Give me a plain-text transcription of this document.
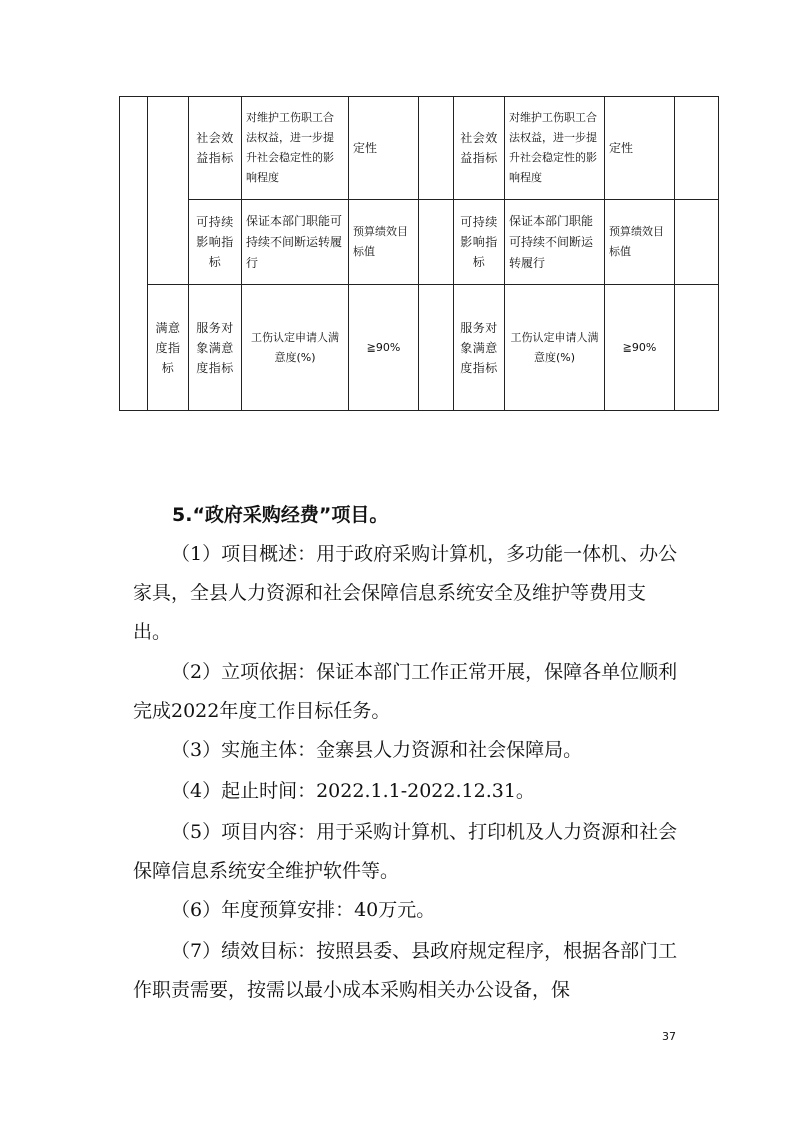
		社会效益指标	对维护工伤职工合法权益，进一步提升社会稳定性的影响程度	定性		社会效益指标	对维护工伤职工合法权益，进一步提升社会稳定性的影响程度	定性	
		可持续影响指标	保证本部门职能可持续不间断运转履行	预算绩效目标值		可持续影响指标	保证本部门职能可持续不间断运转履行	预算绩效目标值	
	满意度指标	服务对象满意度指标	工伤认定申请人满意度(%)	≧90%		服务对象满意度指标	工伤认定申请人满意度(%)	≧90%	
5.“政府采购经费”项目。

（1）项目概述：用于政府采购计算机，多功能一体机、办公家具，全县人力资源和社会保障信息系统安全及维护等费用支出。

（2）立项依据：保证本部门工作正常开展，保障各单位顺利完成2022年度工作目标任务。

（3）实施主体：金寨县人力资源和社会保障局。

（4）起止时间：2022.1.1-2022.12.31。

（5）项目内容：用于采购计算机、打印机及人力资源和社会保障信息系统安全维护软件等。

（6）年度预算安排：40万元。

（7）绩效目标：按照县委、县政府规定程序，根据各部门工作职责需要，按需以最小成本采购相关办公设备，保

37
